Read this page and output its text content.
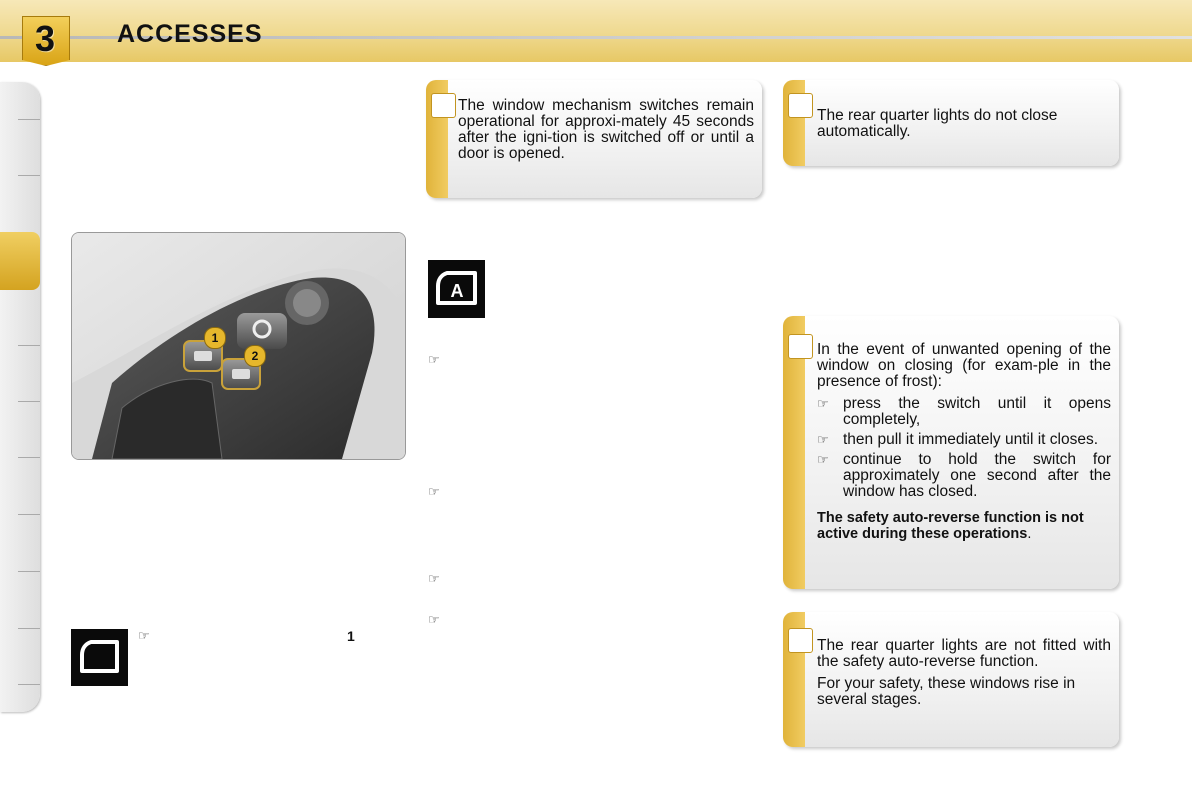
3	ACCESSES
1
2
☞	1
A
☞
☞
☞
☞
The window mechanism switches remain operational for approxi-mately 45 seconds after the igni-tion is switched off or until a door is opened.
The rear quarter lights do not close automatically.

In the event of unwanted opening of the window on closing (for exam-ple in the presence of frost):

☞ press the switch until it opens completely,
☞ then pull it immediately until it closes.
☞ continue to hold the switch for approximately one second after the window has closed.
The safety auto-reverse function is not active during these operations.

The rear quarter lights are not fitted with the safety auto-reverse function.

For your safety, these windows rise in several stages.
